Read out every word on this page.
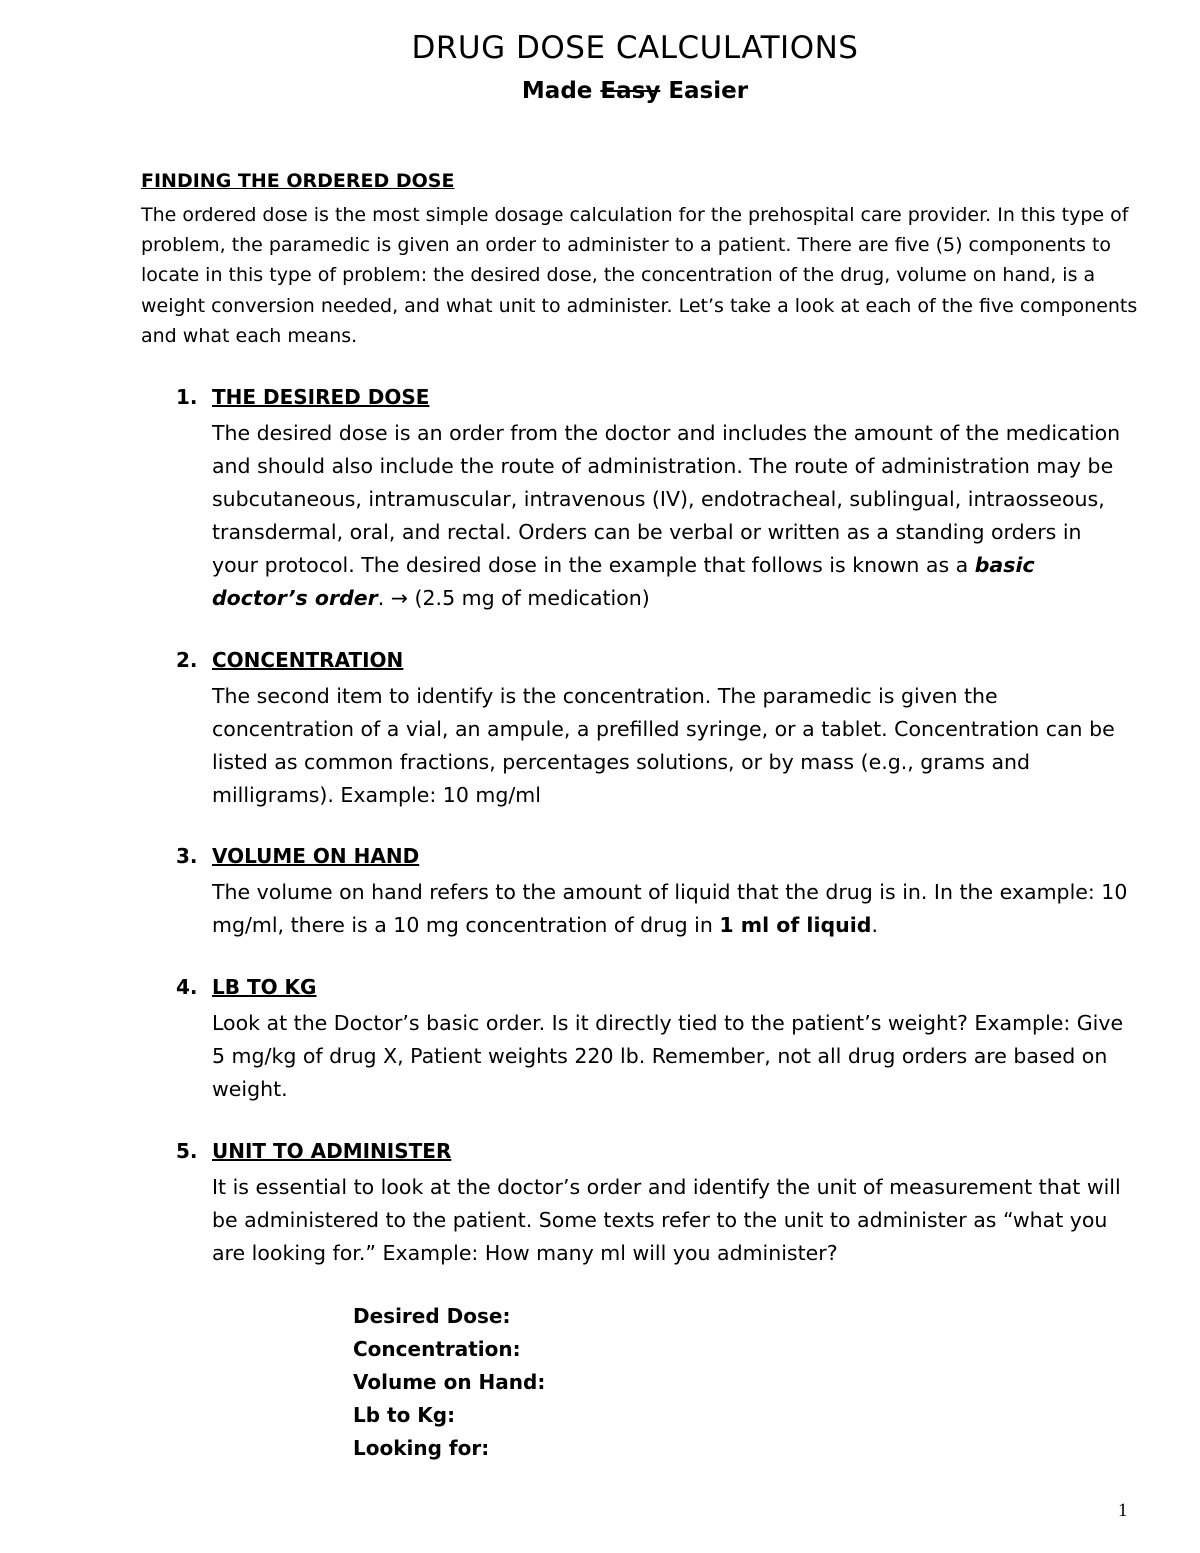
DRUG DOSE CALCULATIONS
Made Easy Easier
FINDING THE ORDERED DOSE

The ordered dose is the most simple dosage calculation for the prehospital care provider. In this type of problem, the paramedic is given an order to administer to a patient. There are five (5) components to locate in this type of problem: the desired dose, the concentration of the drug, volume on hand, is a weight conversion needed, and what unit to administer. Let’s take a look at each of the five components and what each means.

1. THE DESIRED DOSE

The desired dose is an order from the doctor and includes the amount of the medication and should also include the route of administration. The route of administration may be subcutaneous, intramuscular, intravenous (IV), endotracheal, sublingual, intraosseous, transdermal, oral, and rectal. Orders can be verbal or written as a standing orders in your protocol. The desired dose in the example that follows is known as a basic doctor’s order. → (2.5 mg of medication)

2. CONCENTRATION

The second item to identify is the concentration. The paramedic is given the concentration of a vial, an ampule, a prefilled syringe, or a tablet. Concentration can be listed as common fractions, percentages solutions, or by mass (e.g., grams and milligrams). Example: 10 mg/ml

3. VOLUME ON HAND

The volume on hand refers to the amount of liquid that the drug is in. In the example: 10 mg/ml, there is a 10 mg concentration of drug in 1 ml of liquid.

4. LB TO KG

Look at the Doctor’s basic order. Is it directly tied to the patient’s weight? Example: Give 5 mg/kg of drug X, Patient weights 220 lb. Remember, not all drug orders are based on weight.

5. UNIT TO ADMINISTER

It is essential to look at the doctor’s order and identify the unit of measurement that will be administered to the patient. Some texts refer to the unit to administer as “what you are looking for.” Example: How many ml will you administer?

Desired Dose:
Concentration:
Volume on Hand:
Lb to Kg:
Looking for:
1
